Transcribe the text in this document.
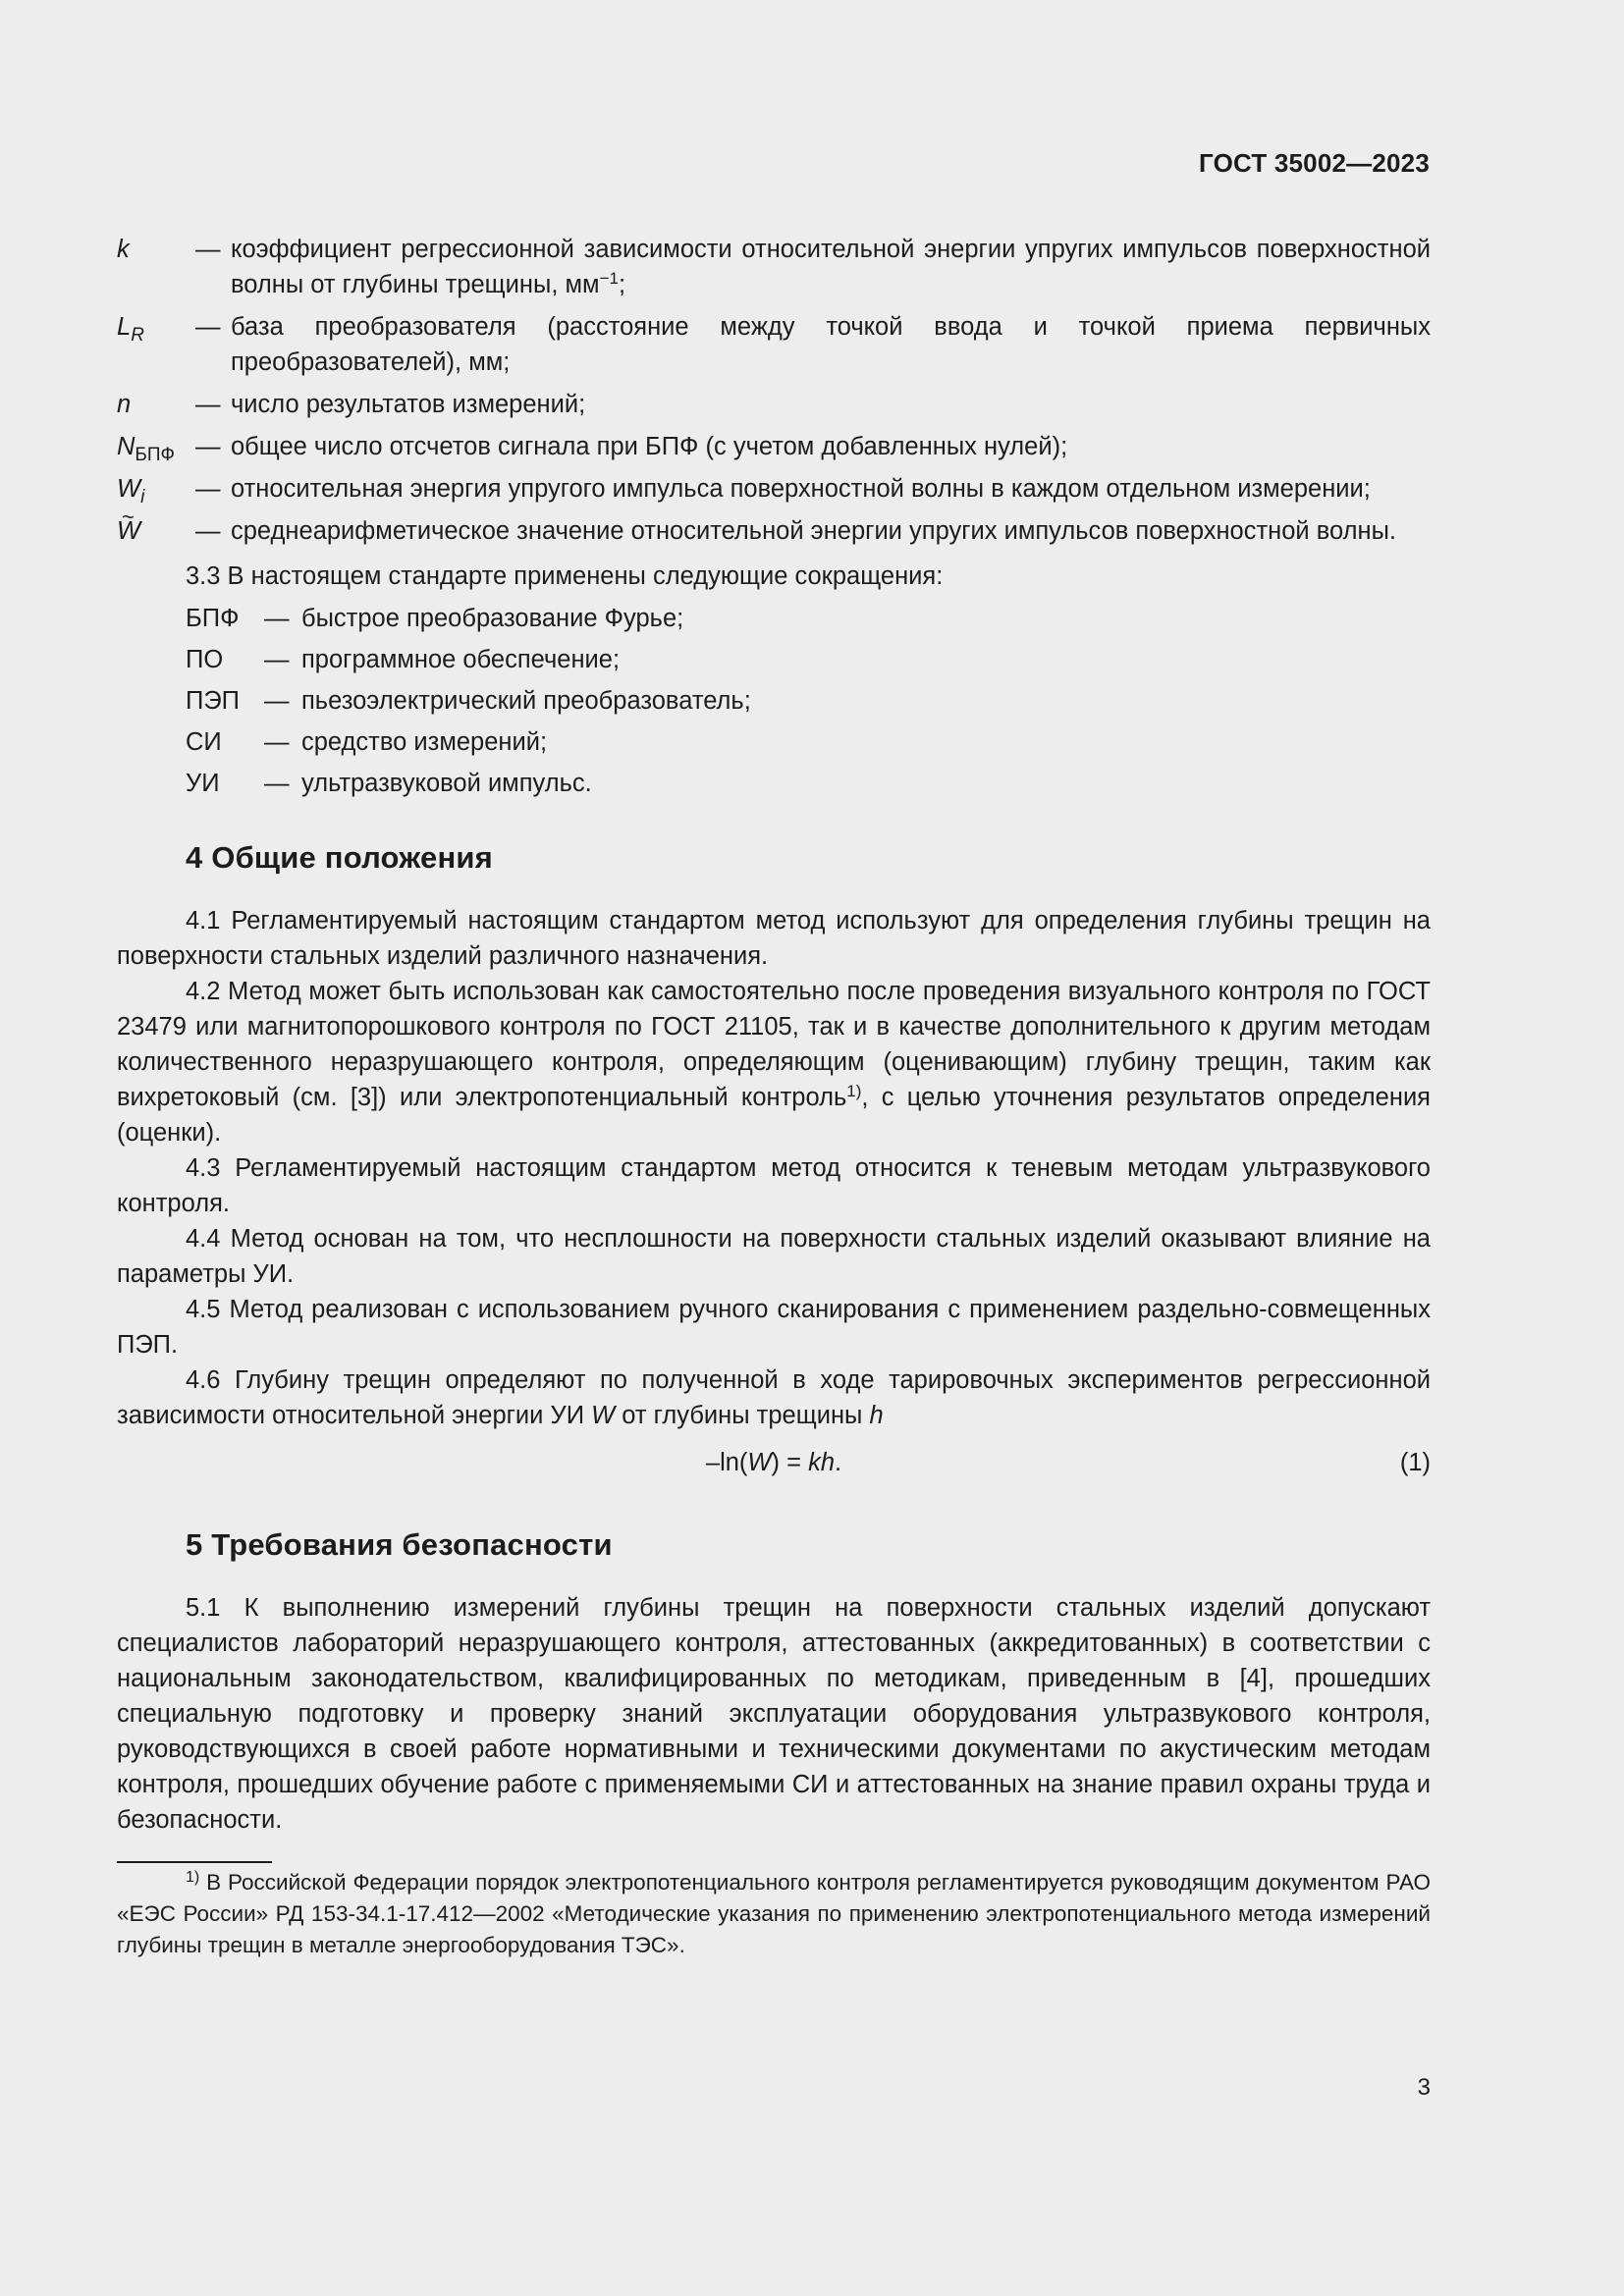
ГОСТ 35002—2023
k	— коэффициент регрессионной зависимости относительной энергии упругих импульсов поверхностной волны от глубины трещины, $мм^{-1}$;
$L_R$	— база преобразователя (расстояние между точкой ввода и точкой приема первичных преобразователей), мм;
n	— число результатов измерений;
$N_{БПФ}$ — общее число отсчетов сигнала при БПФ (с учетом добавленных нулей);
$W_i$	— относительная энергия упругого импульса поверхностной волны в каждом отдельном измерении;
~ W	— среднеарифметическое значение относительной энергии упругих импульсов поверхностной волны.
3.3 В настоящем стандарте применены следующие сокращения:
БПФ	— быстрое преобразование Фурье;
ПО	— программное обеспечение;
ПЭП — пьезоэлектрический преобразователь;
СИ	— средство измерений;
УИ	— ультразвуковой импульс.
4 Общие положения

4.1 Регламентируемый настоящим стандартом метод используют для определения глубины трещин на поверхности стальных изделий различного назначения.

4.2 Метод может быть использован как самостоятельно после проведения визуального контроля по ГОСТ 23479 или магнитопорошкового контроля по ГОСТ 21105, так и в качестве дополнительного к другим методам количественного неразрушающего контроля, определяющим (оценивающим) глубину трещин, таким как вихретоковый (см. [3]) или электропотенциальный контроль$^{1)}$, с целью уточнения результатов определения (оценки).

4.3 Регламентируемый настоящим стандартом метод относится к теневым методам ультразвукового контроля.

4.4 Метод основан на том, что несплошности на поверхности стальных изделий оказывают влияние на параметры УИ.

4.5 Метод реализован с использованием ручного сканирования с применением раздельно-совмещенных ПЭП.

4.6 Глубину трещин определяют по полученной в ходе тарировочных экспериментов регрессионной зависимости относительной энергии УИ W от глубины трещины h

–ln(W) = kh.	(1)
5 Требования безопасности

5.1 К выполнению измерений глубины трещин на поверхности стальных изделий допускают специалистов лабораторий неразрушающего контроля, аттестованных (аккредитованных) в соответствии с национальным законодательством, квалифицированных по методикам, приведенным в [4], прошедших специальную подготовку и проверку знаний эксплуатации оборудования ультразвукового контроля, руководствующихся в своей работе нормативными и техническими документами по акустическим методам контроля, прошедших обучение работе с применяемыми СИ и аттестованных на знание правил охраны труда и безопасности.

$^{1)}$ В Российской Федерации порядок электропотенциального контроля регламентируется руководящим документом РАО «ЕЭС России» РД 153-34.1-17.412—2002 «Методические указания по применению электропотенциального метода измерений глубины трещин в металле энергооборудования ТЭС».
3
